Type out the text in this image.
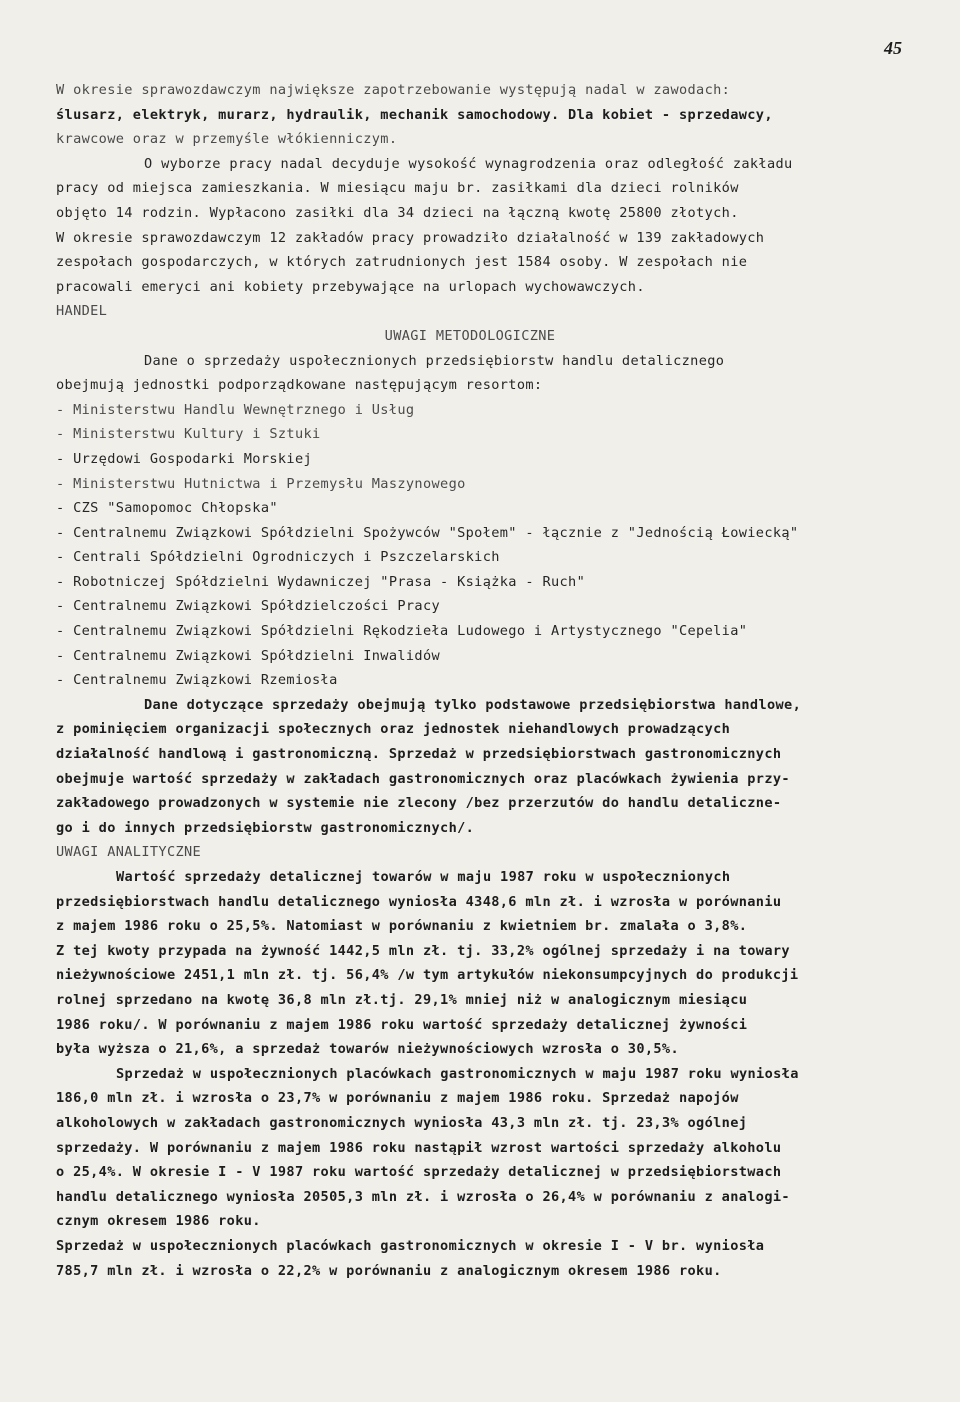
45
W okresie sprawozdawczym największe zapotrzebowanie występują nadal w zawodach:
ślusarz, elektryk, murarz, hydraulik, mechanik samochodowy. Dla kobiet - sprzedawcy,
krawcowe oraz w przemyśle włókienniczym.
O wyborze pracy nadal decyduje wysokość wynagrodzenia oraz odległość zakładu
pracy od miejsca zamieszkania. W miesiącu maju br. zasiłkami dla dzieci rolników
objęto 14 rodzin. Wypłacono zasiłki dla 34 dzieci na łączną kwotę 25800 złotych.
W okresie sprawozdawczym 12 zakładów pracy prowadziło działalność w 139 zakładowych
zespołach gospodarczych, w których zatrudnionych jest 1584 osoby. W zespołach nie
pracowali emeryci ani kobiety przebywające na urlopach wychowawczych.
HANDEL
UWAGI METODOLOGICZNE
Dane o sprzedaży uspołecznionych przedsiębiorstw handlu detalicznego
obejmują jednostki podporządkowane następującym resortom:
- Ministerstwu Handlu Wewnętrznego i Usług
- Ministerstwu Kultury i Sztuki
- Urzędowi Gospodarki Morskiej
- Ministerstwu Hutnictwa i Przemysłu Maszynowego
- CZS "Samopomoc Chłopska"
- Centralnemu Związkowi Spółdzielni Spożywców "Społem" - łącznie z "Jednością Łowiecką"
- Centrali Spółdzielni Ogrodniczych i Pszczelarskich
- Robotniczej Spółdzielni Wydawniczej "Prasa - Książka - Ruch"
- Centralnemu Związkowi Spółdzielczości Pracy
- Centralnemu Związkowi Spółdzielni Rękodzieła Ludowego i Artystycznego "Cepelia"
- Centralnemu Związkowi Spółdzielni Inwalidów
- Centralnemu Związkowi Rzemiosła
Dane dotyczące sprzedaży obejmują tylko podstawowe przedsiębiorstwa handlowe,
z pominięciem organizacji społecznych oraz jednostek niehandlowych prowadzących
działalność handlową i gastronomiczną. Sprzedaż w przedsiębiorstwach gastronomicznych
obejmuje wartość sprzedaży w zakładach gastronomicznych oraz placówkach żywienia przy-
zakładowego prowadzonych w systemie nie zlecony /bez przerzutów do handlu detaliczne-
go i do innych przedsiębiorstw gastronomicznych/.
UWAGI ANALITYCZNE
Wartość sprzedaży detalicznej towarów w maju 1987 roku w uspołecznionych
przedsiębiorstwach handlu detalicznego wyniosła 4348,6 mln zł. i wzrosła w porównaniu
z majem 1986 roku o 25,5%. Natomiast w porównaniu z kwietniem br. zmalała o 3,8%.
Z tej kwoty przypada na żywność 1442,5 mln zł. tj. 33,2% ogólnej sprzedaży i na towary
nieżywnościowe 2451,1 mln zł. tj. 56,4% /w tym artykułów niekonsumpcyjnych do produkcji
rolnej sprzedano na kwotę 36,8 mln zł.tj. 29,1% mniej niż w analogicznym miesiącu
1986 roku/. W porównaniu z majem 1986 roku wartość sprzedaży detalicznej żywności
była wyższa o 21,6%, a sprzedaż towarów nieżywnościowych wzrosła o 30,5%.
Sprzedaż w uspołecznionych placówkach gastronomicznych w maju 1987 roku wyniosła
186,0 mln zł. i wzrosła o 23,7% w porównaniu z majem 1986 roku. Sprzedaż napojów
alkoholowych w zakładach gastronomicznych wyniosła 43,3 mln zł. tj. 23,3% ogólnej
sprzedaży. W porównaniu z majem 1986 roku nastąpił wzrost wartości sprzedaży alkoholu
o 25,4%. W okresie I - V 1987 roku wartość sprzedaży detalicznej w przedsiębiorstwach
handlu detalicznego wyniosła 20505,3 mln zł. i wzrosła o 26,4% w porównaniu z analogi-
cznym okresem 1986 roku.
Sprzedaż w uspołecznionych placówkach gastronomicznych w okresie I - V br. wyniosła
785,7 mln zł. i wzrosła o 22,2% w porównaniu z analogicznym okresem 1986 roku.
